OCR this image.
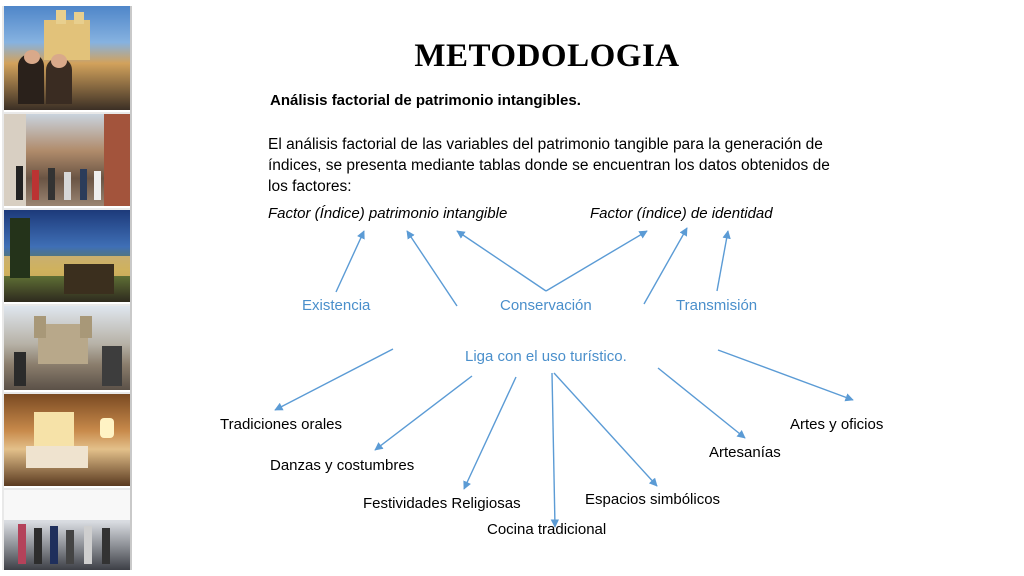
METODOLOGIA
Análisis factorial de patrimonio intangibles.
El análisis factorial de las variables del patrimonio tangible para la generación de índices, se presenta mediante tablas donde se encuentran los datos obtenidos de los factores:
Factor (Índice) patrimonio intangible	Factor (índice) de identidad
Existencia	Conservación	Transmisión
Liga con el uso turístico.
Tradiciones orales
Danzas y costumbres
Festividades Religiosas
Cocina tradicional
Espacios simbólicos
Artesanías
Artes y oficios
